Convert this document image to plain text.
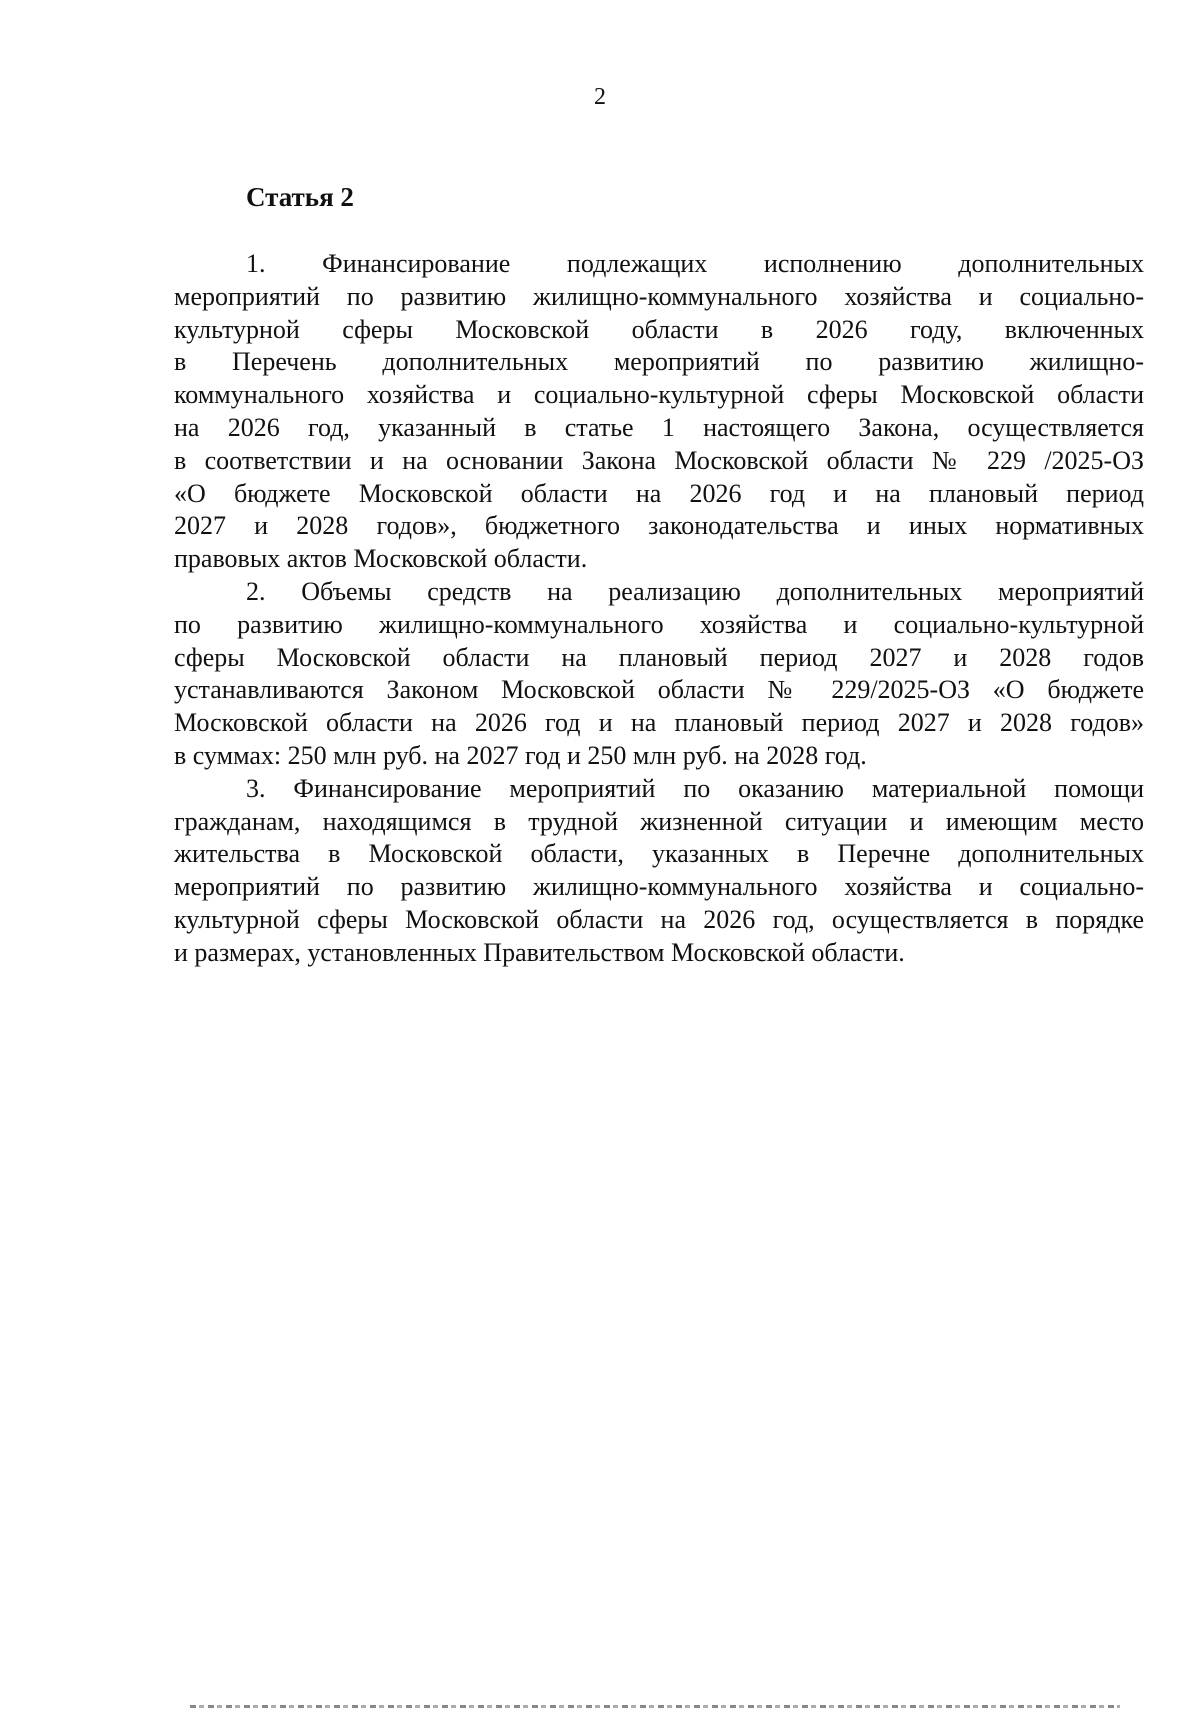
2
Статья 2

1. Финансирование подлежащих исполнению дополнительных
мероприятий по развитию жилищно-коммунального хозяйства и социально-
культурной сферы Московской области в 2026 году, включенных
в Перечень дополнительных мероприятий по развитию жилищно-
коммунального хозяйства и социально-культурной сферы Московской области
на 2026 год, указанный в статье 1 настоящего Закона, осуществляется
в соответствии и на основании Закона Московской области № 229 /2025-ОЗ
«О бюджете Московской области на 2026 год и на плановый период
2027 и 2028 годов», бюджетного законодательства и иных нормативных
правовых актов Московской области.

2. Объемы средств на реализацию дополнительных мероприятий
по развитию жилищно-коммунального хозяйства и социально-культурной
сферы Московской области на плановый период 2027 и 2028 годов
устанавливаются Законом Московской области № 229/2025-ОЗ «О бюджете
Московской области на 2026 год и на плановый период 2027 и 2028 годов»
в суммах: 250 млн руб. на 2027 год и 250 млн руб. на 2028 год.

3. Финансирование мероприятий по оказанию материальной помощи
гражданам, находящимся в трудной жизненной ситуации и имеющим место
жительства в Московской области, указанных в Перечне дополнительных
мероприятий по развитию жилищно-коммунального хозяйства и социально-
культурной сферы Московской области на 2026 год, осуществляется в порядке
и размерах, установленных Правительством Московской области.
